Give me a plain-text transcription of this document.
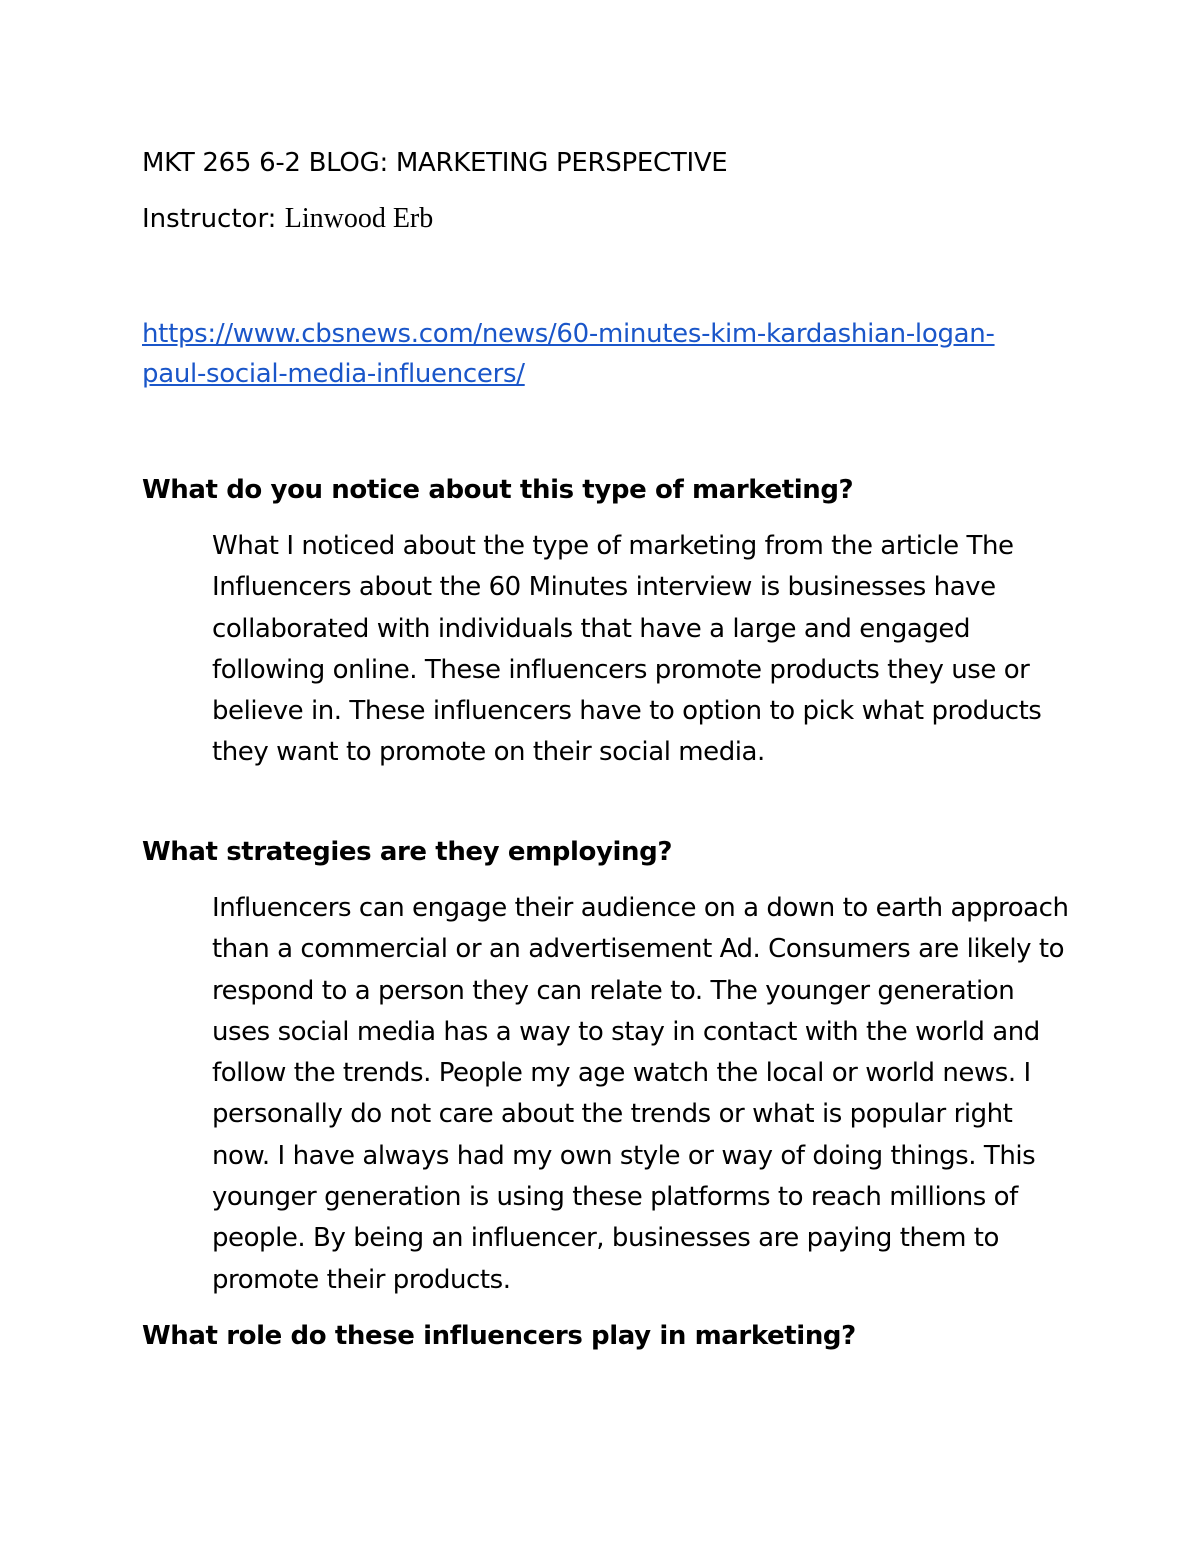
MKT 265 6-2 BLOG: MARKETING PERSPECTIVE
Instructor: Linwood Erb
https://www.cbsnews.com/news/60-minutes-kim-kardashian-logan-
paul-social-media-influencers/
What do you notice about this type of marketing?
What I noticed about the type of marketing from the article The Influencers about the 60 Minutes interview is businesses have collaborated with individuals that have a large and engaged following online. These influencers promote products they use or believe in. These influencers have to option to pick what products they want to promote on their social media.
What strategies are they employing?
Influencers can engage their audience on a down to earth approach than a commercial or an advertisement Ad. Consumers are likely to respond to a person they can relate to. The younger generation uses social media has a way to stay in contact with the world and follow the trends. People my age watch the local or world news. I personally do not care about the trends or what is popular right now. I have always had my own style or way of doing things. This younger generation is using these platforms to reach millions of people. By being an influencer, businesses are paying them to promote their products.
What role do these influencers play in marketing?
